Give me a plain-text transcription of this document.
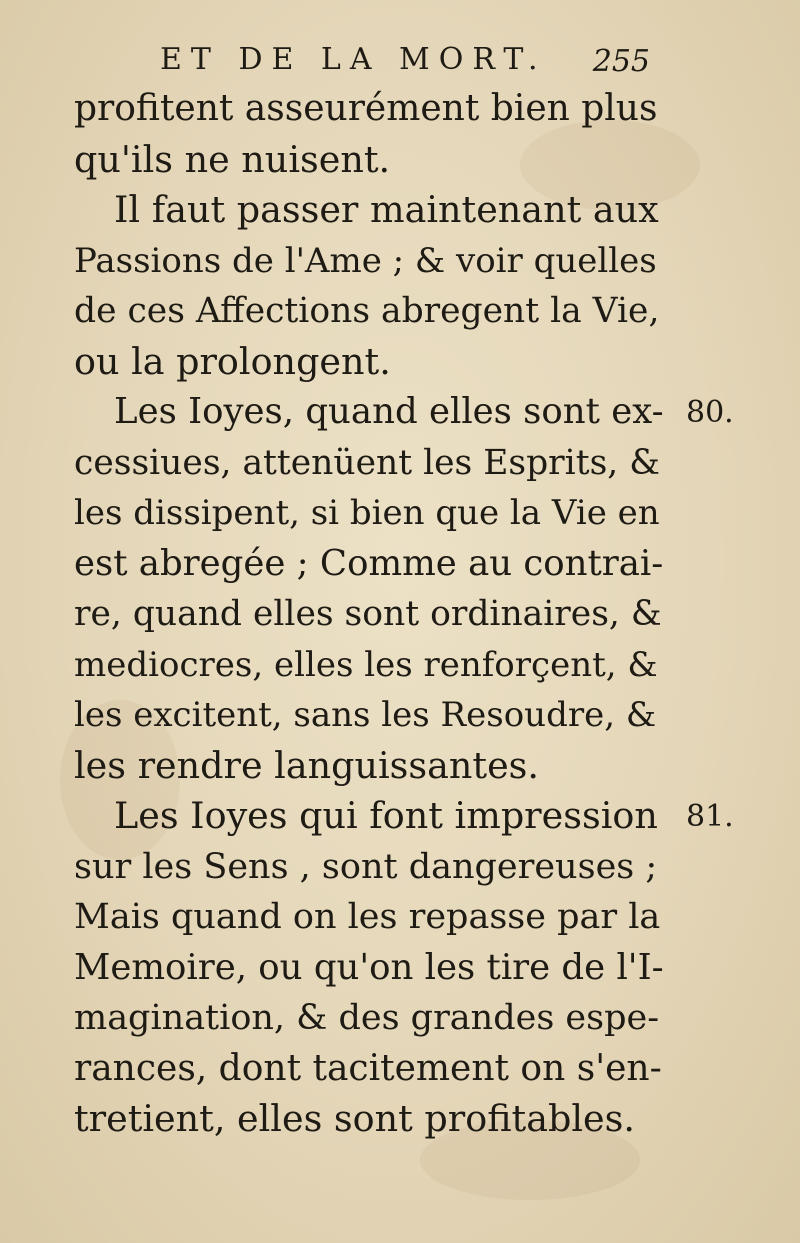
ET DE LA MORT. 255
profitent asseurément bien plus
qu'ils ne nuisent.
Il faut passer maintenant aux
Passions de l'Ame ; & voir quelles
de ces Affections abregent la Vie,
ou la prolongent.
Les Ioyes, quand elles sont ex-
cessiues, attenüent les Esprits, &
les dissipent, si bien que la Vie en
est abregée ; Comme au contrai-
re, quand elles sont ordinaires, &
mediocres, elles les renforçent, &
les excitent, sans les Resoudre, &
les rendre languissantes.
Les Ioyes qui font impression
sur les Sens , sont dangereuses ;
Mais quand on les repasse par la
Memoire, ou qu'on les tire de l'I-
magination, & des grandes espe-
rances, dont tacitement on s'en-
tretient, elles sont profitables.
80.
81.
